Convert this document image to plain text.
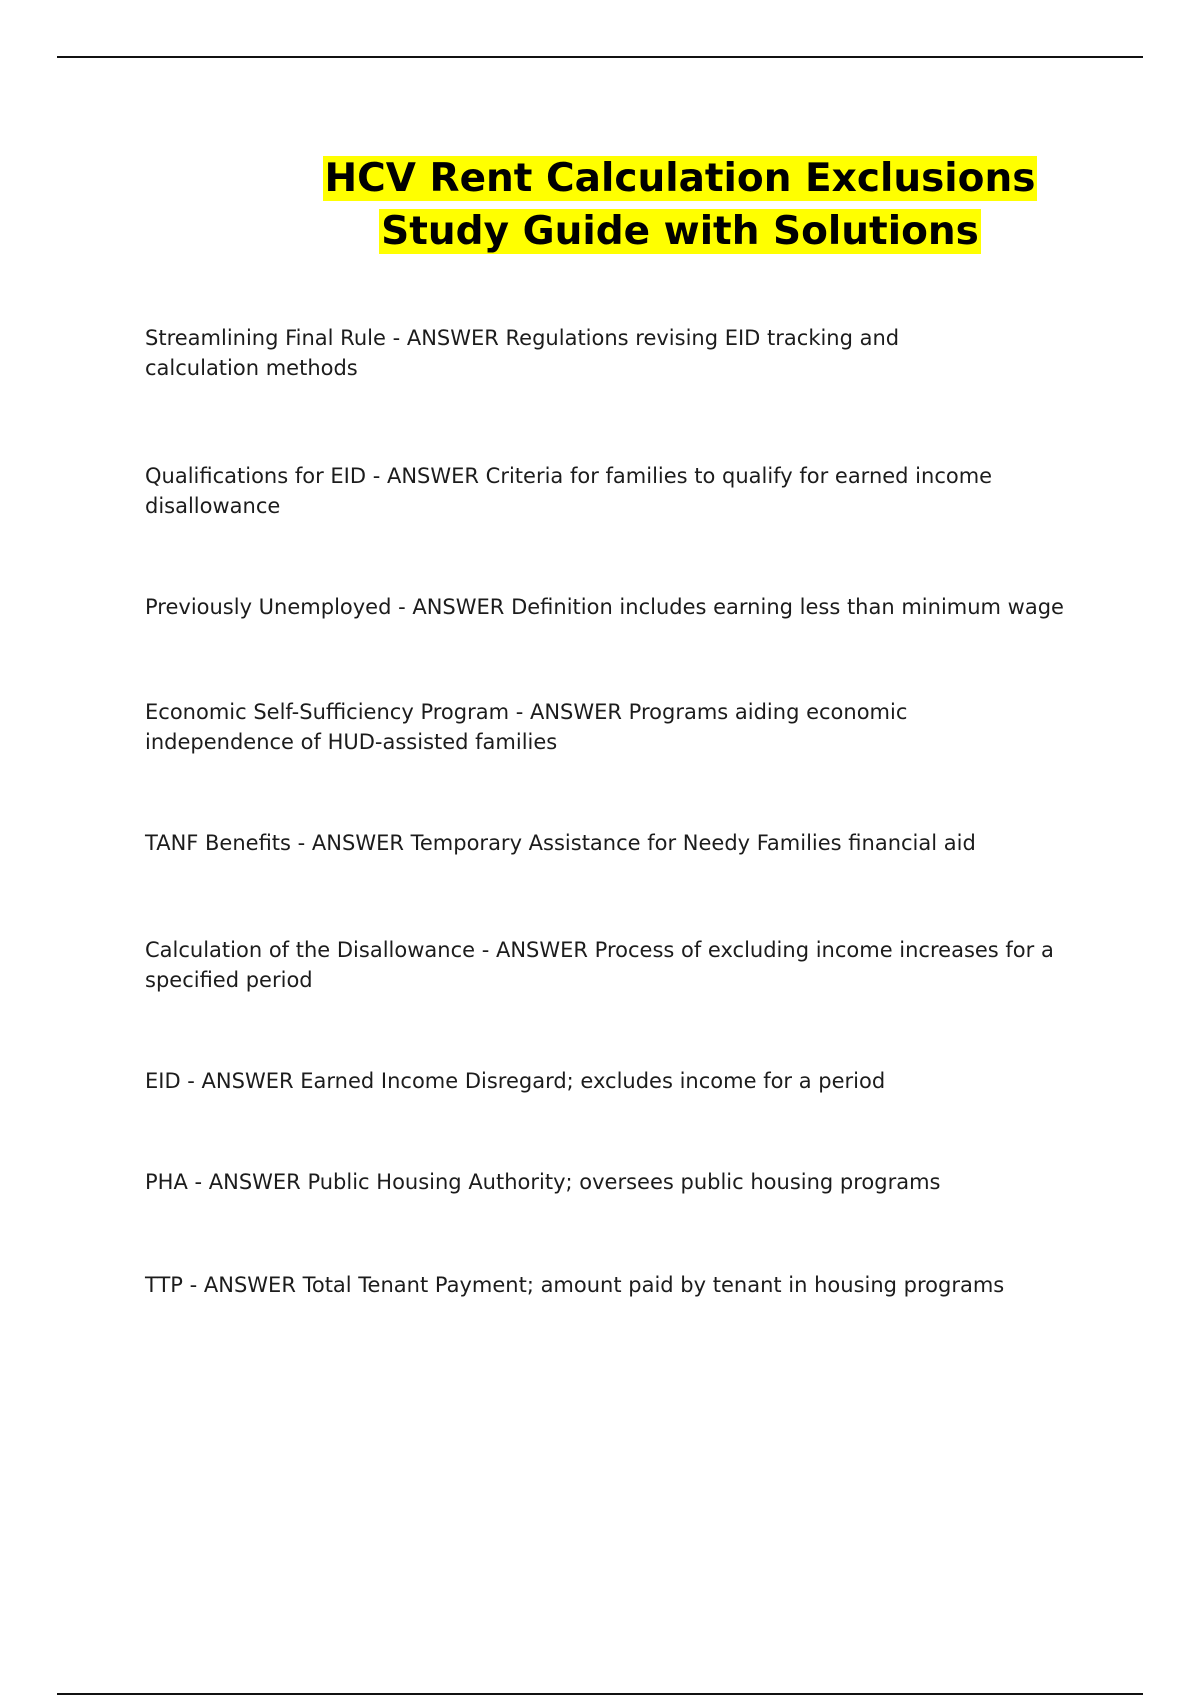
HCV Rent Calculation Exclusions Study Guide with Solutions
Streamlining Final Rule - ANSWER Regulations revising EID tracking and calculation methods
Qualifications for EID - ANSWER Criteria for families to qualify for earned income disallowance
Previously Unemployed - ANSWER Definition includes earning less than minimum wage
Economic Self-Sufficiency Program - ANSWER Programs aiding economic independence of HUD-assisted families
TANF Benefits - ANSWER Temporary Assistance for Needy Families financial aid
Calculation of the Disallowance - ANSWER Process of excluding income increases for a specified period
EID - ANSWER Earned Income Disregard; excludes income for a period
PHA - ANSWER Public Housing Authority; oversees public housing programs
TTP - ANSWER Total Tenant Payment; amount paid by tenant in housing programs
